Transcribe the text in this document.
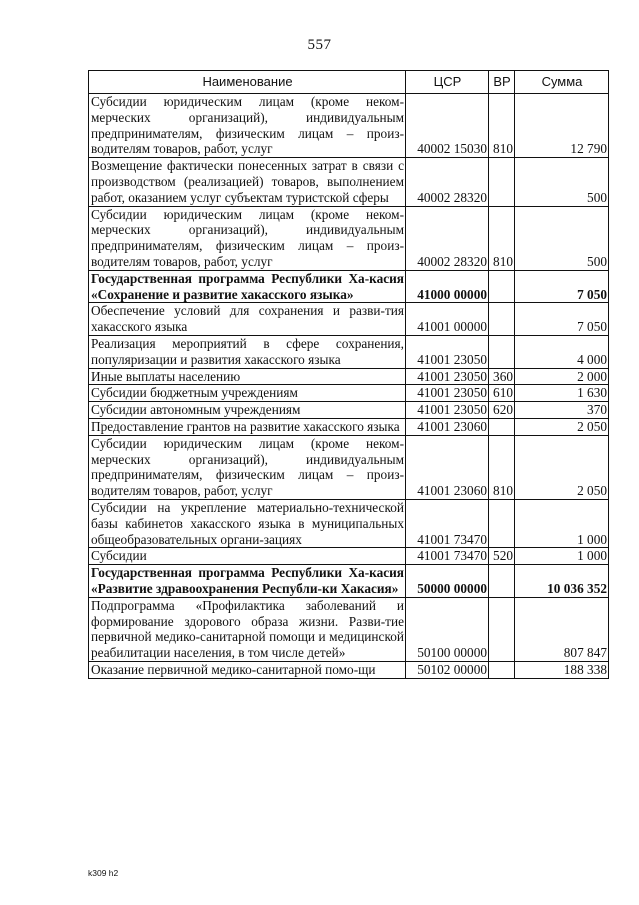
557
Наименование	ЦСР	ВР	Сумма
Субсидии юридическим лицам (кроме неком-мерческих организаций), индивидуальным предпринимателям, физическим лицам – произ-водителям товаров, работ, услуг	40002 15030	810	12 790
Возмещение фактически понесенных затрат в связи с производством (реализацией) товаров, выполнением работ, оказанием услуг субъектам туристской сферы	40002 28320		500
Субсидии юридическим лицам (кроме неком-мерческих организаций), индивидуальным предпринимателям, физическим лицам – произ-водителям товаров, работ, услуг	40002 28320	810	500
Государственная программа Республики Ха-касия «Сохранение и развитие хакасского языка»	41000 00000		7 050
Обеспечение условий для сохранения и разви-тия хакасского языка	41001 00000		7 050
Реализация мероприятий в сфере сохранения, популяризации и развития хакасского языка	41001 23050		4 000
Иные выплаты населению	41001 23050	360	2 000
Субсидии бюджетным учреждениям	41001 23050	610	1 630
Субсидии автономным учреждениям	41001 23050	620	370
Предоставление грантов на развитие хакасского языка	41001 23060		2 050
Субсидии юридическим лицам (кроме неком-мерческих организаций), индивидуальным предпринимателям, физическим лицам – произ-водителям товаров, работ, услуг	41001 23060	810	2 050
Субсидии на укрепление материально-технической базы кабинетов хакасского языка в муниципальных общеобразовательных органи-зациях	41001 73470		1 000
Субсидии	41001 73470	520	1 000
Государственная программа Республики Ха-касия «Развитие здравоохранения Республи-ки Хакасия»	50000 00000		10 036 352
Подпрограмма «Профилактика заболеваний и формирование здорового образа жизни. Разви-тие первичной медико-санитарной помощи и медицинской реабилитации населения, в том числе детей»	50100 00000		807 847
Оказание первичной медико-санитарной помо-щи	50102 00000		188 338
k309 h2
